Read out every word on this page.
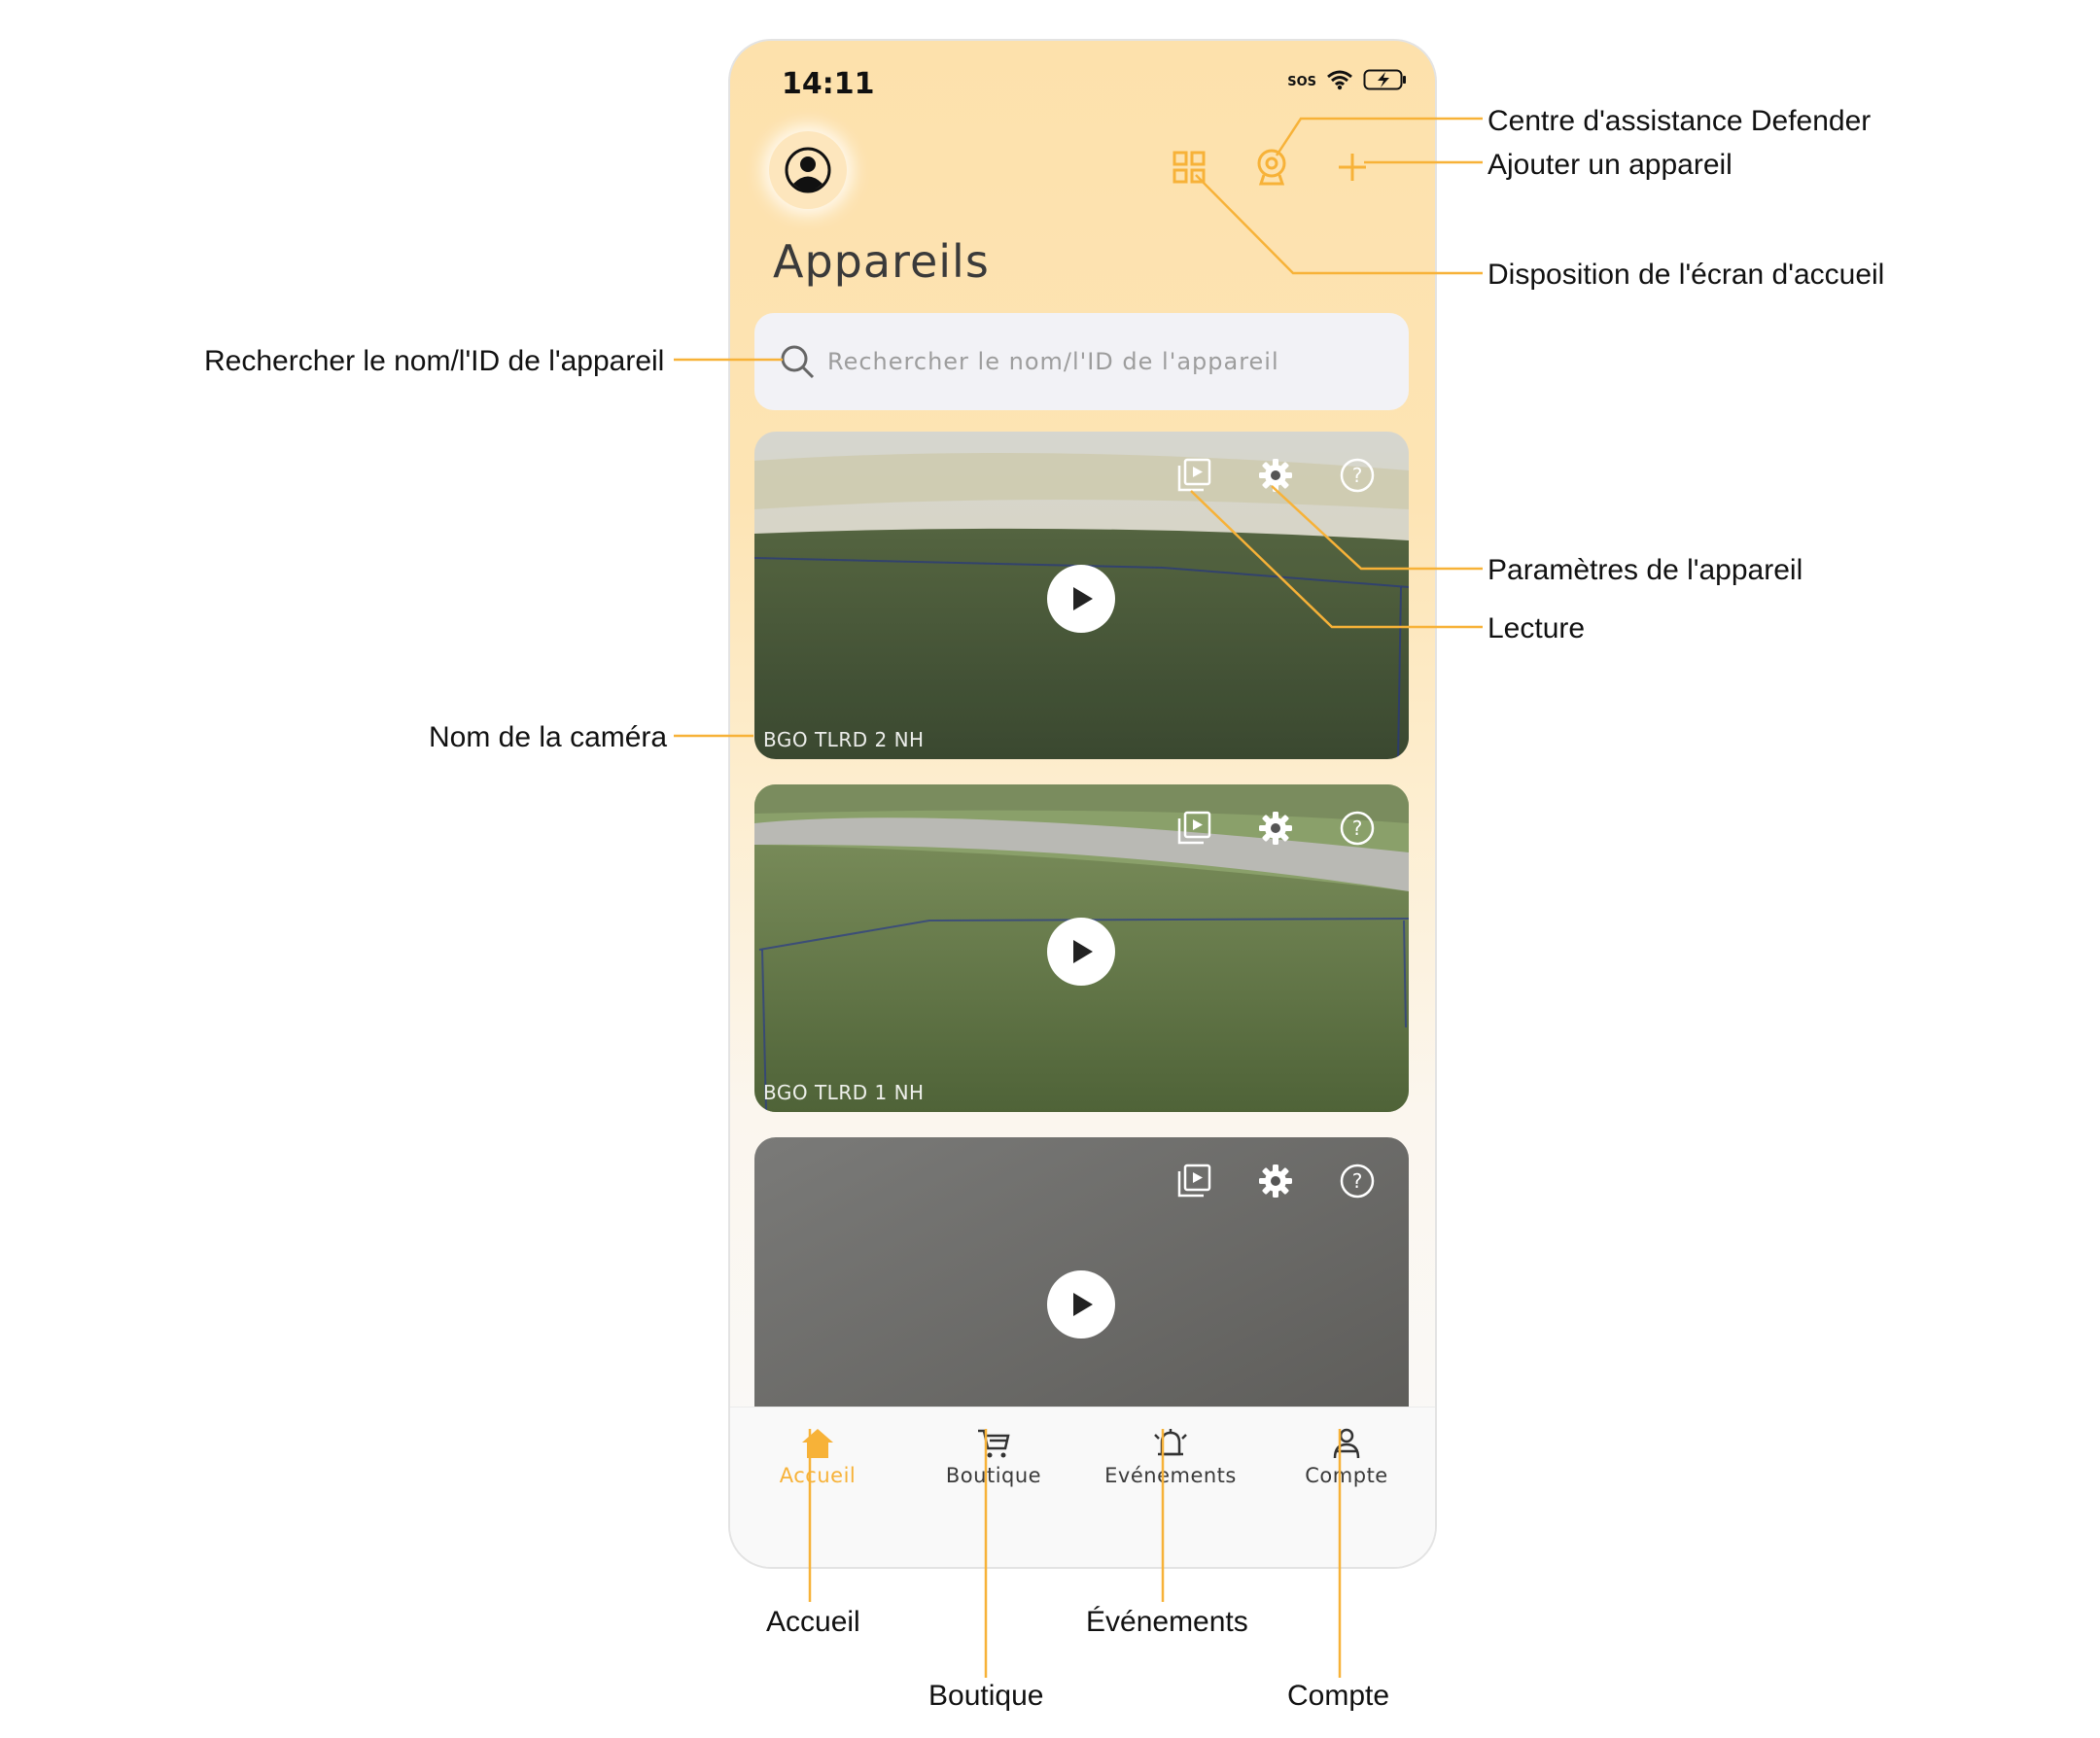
14:11	SOS
Appareils
Rechercher le nom/l'ID de l'appareil
?
BGO TLRD 2 NH
?
BGO TLRD 1 NH
?
Accueil	Boutique	Evénements	Compte
Centre d'assistance Defender
Ajouter un appareil
Disposition de l'écran d'accueil
Rechercher le nom/l'ID de l'appareil
Paramètres de l'appareil
Lecture
Nom de la caméra
Accueil
Boutique
Événements
Compte
